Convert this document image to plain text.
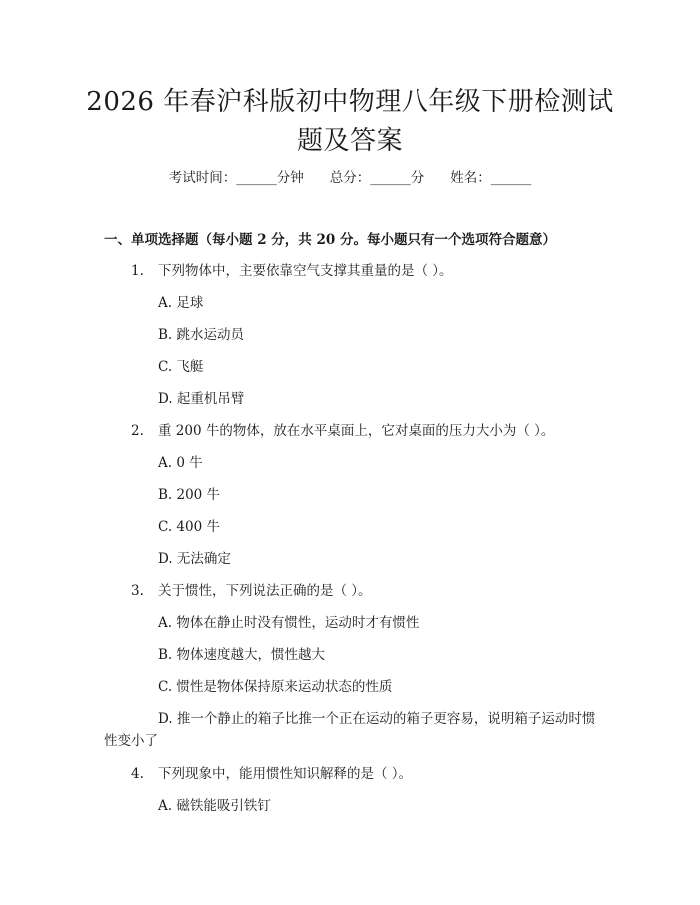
2026 年春沪科版初中物理八年级下册检测试
题及答案
考试时间：______分钟 总分：______分 姓名：______
一、单项选择题（每小题 2 分，共 20 分。每小题只有一个选项符合题意）
1. 下列物体中，主要依靠空气支撑其重量的是（ ）。
A. 足球
B. 跳水运动员
C. 飞艇
D. 起重机吊臂
2. 重 200 牛的物体，放在水平桌面上，它对桌面的压力大小为（ ）。
A. 0 牛
B. 200 牛
C. 400 牛
D. 无法确定
3. 关于惯性，下列说法正确的是（ ）。
A. 物体在静止时没有惯性，运动时才有惯性
B. 物体速度越大，惯性越大
C. 惯性是物体保持原来运动状态的性质
D. 推一个静止的箱子比推一个正在运动的箱子更容易，说明箱子运动时惯性变小了
4. 下列现象中，能用惯性知识解释的是（ ）。
A. 磁铁能吸引铁钉
